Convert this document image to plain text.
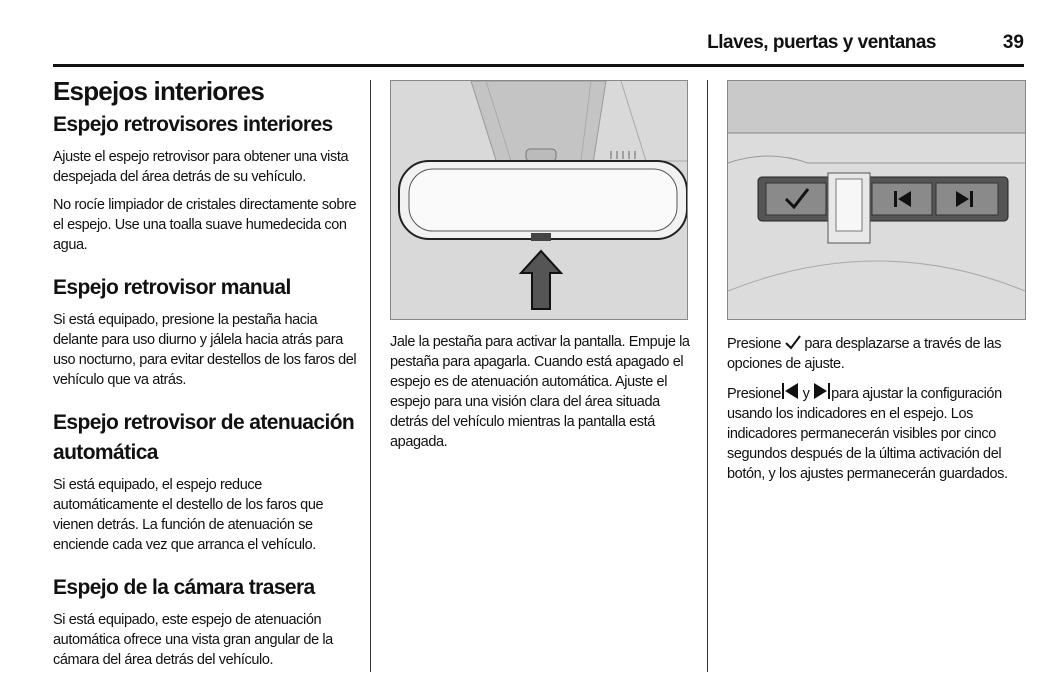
Llaves, puertas y ventanas	39
Espejos interiores
Espejo retrovisores interiores

Ajuste el espejo retrovisor para obtener una vista despejada del área detrás de su vehículo.

No rocíe limpiador de cristales directamente sobre el espejo. Use una toalla suave humedecida con agua.

Espejo retrovisor manual

Si está equipado, presione la pestaña hacia delante para uso diurno y jálela hacia atrás para uso nocturno, para evitar destellos de los faros del vehículo que va atrás.

Espejo retrovisor de atenuación automática

Si está equipado, el espejo reduce automáticamente el destello de los faros que vienen detrás. La función de atenuación se enciende cada vez que arranca el vehículo.

Espejo de la cámara trasera

Si está equipado, este espejo de atenuación automática ofrece una vista gran angular de la cámara del área detrás del vehículo.

Jale la pestaña para activar la pantalla. Empuje la pestaña para apagarla. Cuando está apagado el espejo es de atenuación automática. Ajuste el espejo para una visión clara del área situada detrás del vehículo mientras la pantalla está apagada.

Presione para desplazarse a través de las opciones de ajuste.

Presione y para ajustar la configuración usando los indicadores en el espejo. Los indicadores permanecerán visibles por cinco segundos después de la última activación del botón, y los ajustes permanecerán guardados.
